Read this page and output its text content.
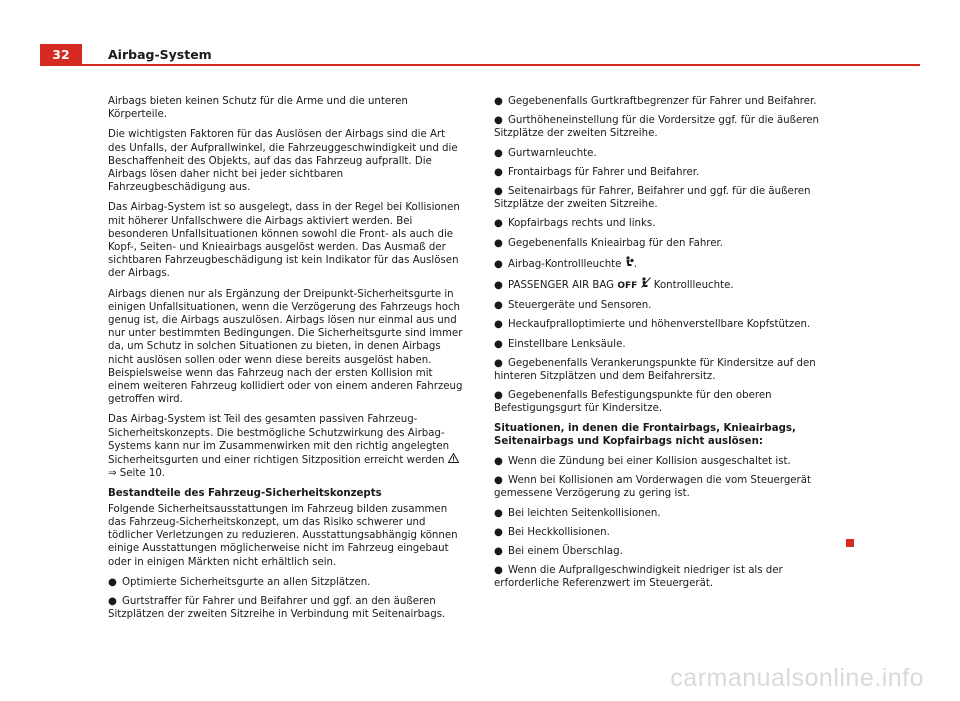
32	Airbag-System

Airbags bieten keinen Schutz für die Arme und die unteren Körperteile.

Die wichtigsten Faktoren für das Auslösen der Airbags sind die Art des Unfalls, der Aufprallwinkel, die Fahrzeuggeschwindigkeit und die Beschaffenheit des Objekts, auf das das Fahrzeug aufprallt. Die Airbags lösen daher nicht bei jeder sichtbaren Fahrzeugbeschädigung aus.

Das Airbag-System ist so ausgelegt, dass in der Regel bei Kollisionen mit höherer Unfallschwere die Airbags aktiviert werden. Bei besonderen Unfallsituationen können sowohl die Front- als auch die Kopf-, Seiten- und Knieairbags ausgelöst werden. Das Ausmaß der sichtbaren Fahrzeugbeschädigung ist kein Indikator für das Auslösen der Airbags.

Airbags dienen nur als Ergänzung der Dreipunkt-Sicherheitsgurte in einigen Unfallsituationen, wenn die Verzögerung des Fahrzeugs hoch genug ist, die Airbags auszulösen. Airbags lösen nur einmal aus und nur unter bestimmten Bedingungen. Die Sicherheitsgurte sind immer da, um Schutz in solchen Situationen zu bieten, in denen Airbags nicht auslösen sollen oder wenn diese bereits ausgelöst haben. Beispielsweise wenn das Fahrzeug nach der ersten Kollision mit einem weiteren Fahrzeug kollidiert oder von einem anderen Fahrzeug getroffen wird.

Das Airbag-System ist Teil des gesamten passiven Fahrzeug-Sicherheitskonzepts. Die bestmögliche Schutzwirkung des Airbag-Systems kann nur im Zusammenwirken mit den richtig angelegten Sicherheitsgurten und einer richtigen Sitzposition erreicht werden  ⇒ Seite 10.

Bestandteile des Fahrzeug-Sicherheitskonzepts

Folgende Sicherheitsausstattungen im Fahrzeug bilden zusammen das Fahrzeug-Sicherheitskonzept, um das Risiko schwerer und tödlicher Verletzungen zu reduzieren. Ausstattungsabhängig können einige Ausstattungen möglicherweise nicht im Fahrzeug eingebaut oder in einigen Märkten nicht erhältlich sein.

● Optimierte Sicherheitsgurte an allen Sitzplätzen.
● Gurtstraffer für Fahrer und Beifahrer und ggf. an den äußeren Sitzplätzen der zweiten Sitzreihe in Verbindung mit Seitenairbags.
● Gegebenenfalls Gurtkraftbegrenzer für Fahrer und Beifahrer.
● Gurthöheneinstellung für die Vordersitze ggf. für die äußeren Sitzplätze der zweiten Sitzreihe.
● Gurtwarnleuchte.
● Frontairbags für Fahrer und Beifahrer.
● Seitenairbags für Fahrer, Beifahrer und ggf. für die äußeren Sitzplätze der zweiten Sitzreihe.
● Kopfairbags rechts und links.
● Gegebenenfalls Knieairbag für den Fahrer.
● Airbag-Kontrollleuchte .
● PASSENGER AIR BAG OFF Kontrollleuchte.
● Steuergeräte und Sensoren.
● Heckaufpralloptimierte und höhenverstellbare Kopfstützen.
● Einstellbare Lenksäule.
● Gegebenenfalls Verankerungspunkte für Kindersitze auf den hinteren Sitzplätzen und dem Beifahrersitz.
● Gegebenenfalls Befestigungspunkte für den oberen Befestigungsgurt für Kindersitze.

Situationen, in denen die Frontairbags, Knieairbags, Seitenairbags und Kopfairbags nicht auslösen:

● Wenn die Zündung bei einer Kollision ausgeschaltet ist.
● Wenn bei Kollisionen am Vorderwagen die vom Steuergerät gemessene Verzögerung zu gering ist.
● Bei leichten Seitenkollisionen.
● Bei Heckkollisionen.
● Bei einem Überschlag.
● Wenn die Aufprallgeschwindigkeit niedriger ist als der erforderliche Referenzwert im Steuergerät.
carmanualsonline.info
